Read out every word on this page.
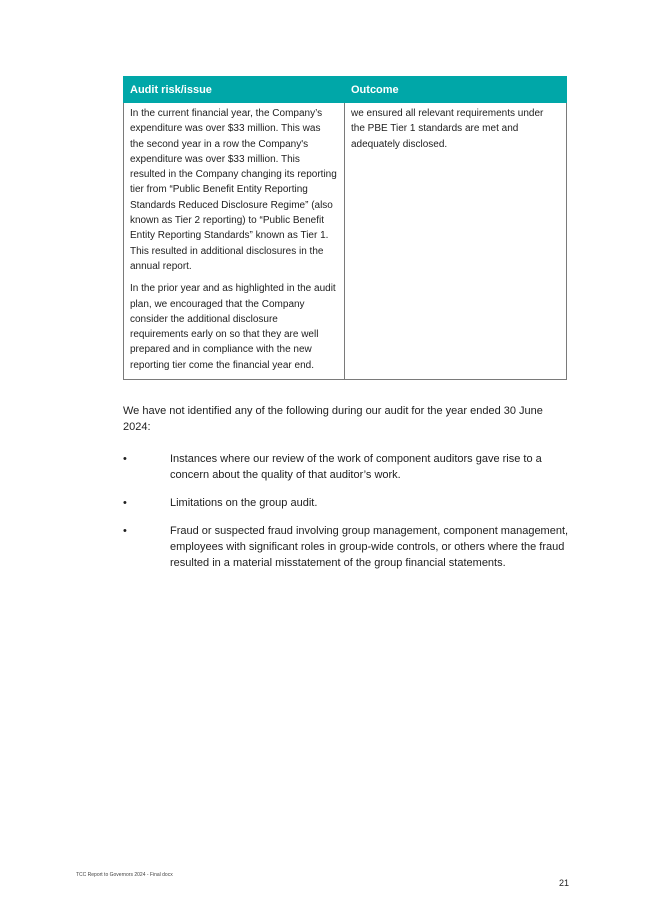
Audit risk/issue	Outcome

In the current financial year, the Company’s expenditure was over $33 million. This was the second year in a row the Company's expenditure was over $33 million. This resulted in the Company changing its reporting tier from “Public Benefit Entity Reporting Standards Reduced Disclosure Regime” (also known as Tier 2 reporting) to “Public Benefit Entity Reporting Standards” known as Tier 1. This resulted in additional disclosures in the annual report.

In the prior year and as highlighted in the audit plan, we encouraged that the Company consider the additional disclosure requirements early on so that they are well prepared and in compliance with the new reporting tier come the financial year end.	we ensured all relevant requirements under the PBE Tier 1 standards are met and adequately disclosed.

We have not identified any of the following during our audit for the year ended 30 June 2024:

•	Instances where our review of the work of component auditors gave rise to a concern about the quality of that auditor’s work.
•	Limitations on the group audit.
•	Fraud or suspected fraud involving group management, component management, employees with significant roles in group-wide controls, or others where the fraud resulted in a material misstatement of the group financial statements.
TCC Report to Governors 2024 - Final docx
21
